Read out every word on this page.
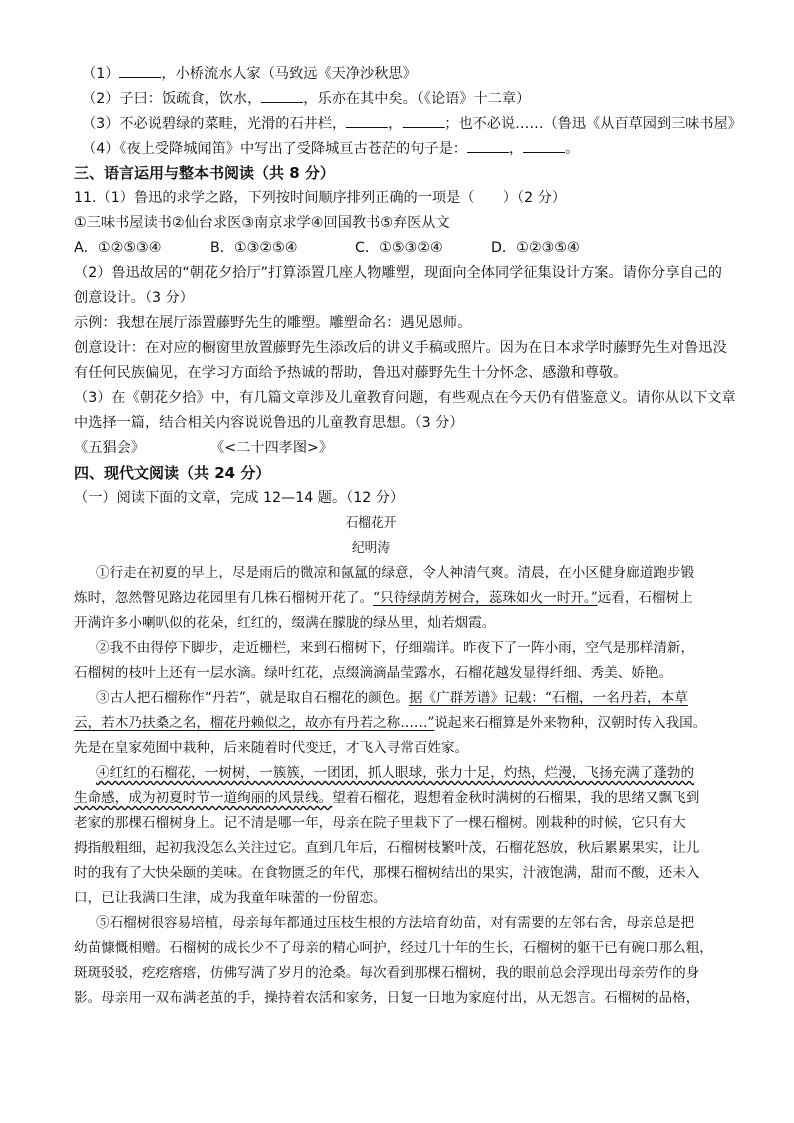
（1）	，小桥流水人家（马致远《天净沙秋思》
（2）子曰：饭疏食，饮水，	，乐亦在其中矣。（《论语》十二章）
（3）不必说碧绿的菜畦，光滑的石井栏，	，	；也不必说……（鲁迅《从百草园到三味书屋》
（4）《夜上受降城闻笛》中写出了受降城亘古苍茫的句子是：	，	。
三、语言运用与整本书阅读（共 8 分）
11.（1）鲁迅的求学之路，下列按时间顺序排列正确的一项是（　　）（2 分）
①三味书屋读书②仙台求医③南京求学④回国教书⑤弃医从文
A．①②⑤③④	B．①③②⑤④	C．①⑤③②④	D．①②③⑤④
（2）鲁迅故居的“朝花夕拾厅”打算添置几座人物雕塑，现面向全体同学征集设计方案。请你分享自己的
创意设计。（3 分）
示例：我想在展厅添置藤野先生的雕塑。雕塑命名：遇见恩师。
创意设计：在对应的橱窗里放置藤野先生添改后的讲义手稿或照片。因为在日本求学时藤野先生对鲁迅没
有任何民族偏见，在学习方面给予热诚的帮助，鲁迅对藤野先生十分怀念、感激和尊敬。
（3）在《朝花夕拾》中，有几篇文章涉及儿童教育问题，有些观点在今天仍有借鉴意义。请你从以下文章
中选择一篇，结合相关内容说说鲁迅的儿童教育思想。（3 分）
《五猖会》	《<二十四孝图>》
四、现代文阅读（共 24 分）
（一）阅读下面的文章，完成 12—14 题。（12 分）
石榴花开
纪明涛
①行走在初夏的早上，尽是雨后的微凉和氤氲的绿意，令人神清气爽。清晨，在小区健身廊道跑步锻
炼时，忽然瞥见路边花园里有几株石榴树开花了。“只待绿荫芳树合，蕊珠如火一时开。”远看，石榴树上
开满许多小喇叭似的花朵，红红的，缀满在朦胧的绿丛里，灿若烟霞。
②我不由得停下脚步，走近栅栏，来到石榴树下，仔细端详。昨夜下了一阵小雨，空气是那样清新，
石榴树的枝叶上还有一层水滴。绿叶红花，点缀滴滴晶莹露水，石榴花越发显得纤细、秀美、娇艳。
③古人把石榴称作“丹若”，就是取自石榴花的颜色。据《广群芳谱》记载：“石榴，一名丹若，本草
云，若木乃扶桑之名，榴花丹赖似之，故亦有丹若之称……”说起来石榴算是外来物种，汉朝时传入我国。
先是在皇家苑囿中栽种，后来随着时代变迁，才飞入寻常百姓家。
④红红的石榴花，一树树，一簇簇，一团团，抓人眼球，张力十足，灼热，烂漫，飞扬充满了蓬勃的
生命感，成为初夏时节一道绚丽的风景线。望着石榴花，遐想着金秋时满树的石榴果，我的思绪又飘飞到
老家的那棵石榴树身上。记不清是哪一年，母亲在院子里栽下了一棵石榴树。刚栽种的时候，它只有大
拇指般粗细，起初我没怎么关注过它。直到几年后，石榴树枝繁叶茂，石榴花怒放，秋后累累果实，让儿
时的我有了大快朵颐的美味。在食物匮乏的年代，那棵石榴树结出的果实，汁液饱满，甜而不酸，还未入
口，已让我满口生津，成为我童年味蕾的一份留恋。
⑤石榴树很容易培植，母亲每年都通过压枝生根的方法培育幼苗，对有需要的左邻右舍，母亲总是把
幼苗慷慨相赠。石榴树的成长少不了母亲的精心呵护，经过几十年的生长，石榴树的躯干已有碗口那么粗，
斑斑驳驳，疙疙瘩瘩，仿佛写满了岁月的沧桑。每次看到那棵石榴树，我的眼前总会浮现出母亲劳作的身
影。母亲用一双布满老茧的手，操持着农活和家务，日复一日地为家庭付出，从无怨言。石榴树的品格，
